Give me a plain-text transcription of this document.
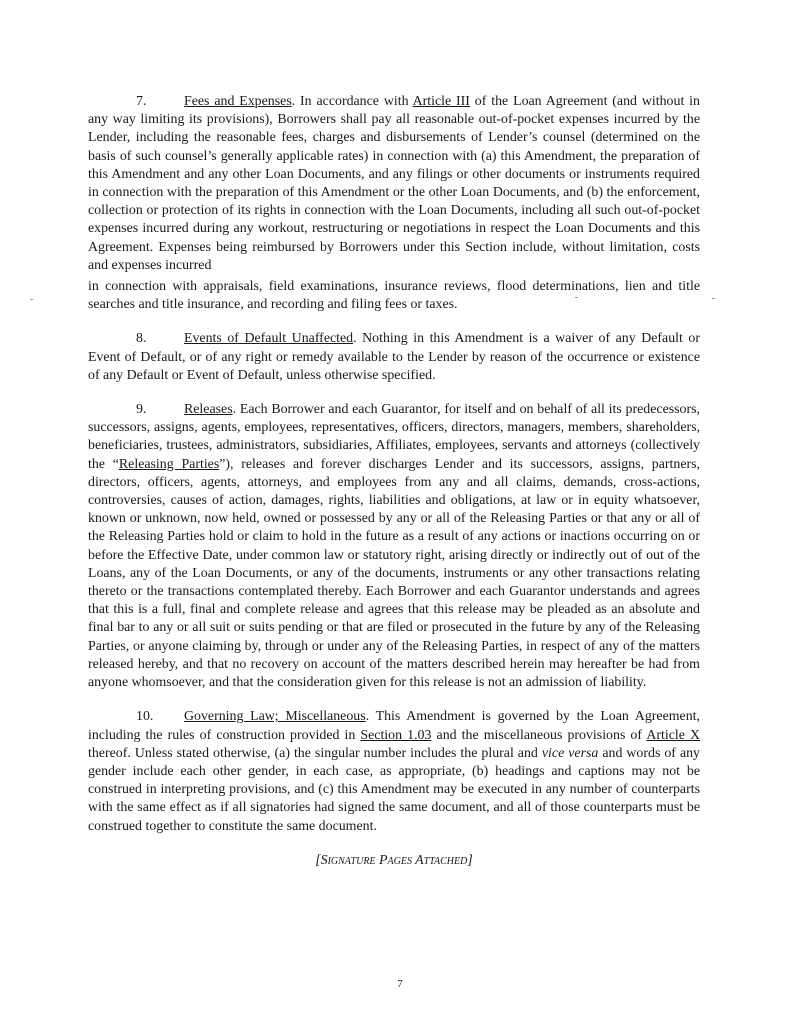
7.	Fees and Expenses. In accordance with Article III of the Loan Agreement (and without in any way limiting its provisions), Borrowers shall pay all reasonable out-of-pocket expenses incurred by the Lender, including the reasonable fees, charges and disbursements of Lender’s counsel (determined on the basis of such counsel’s generally applicable rates) in connection with (a) this Amendment, the preparation of this Amendment and any other Loan Documents, and any filings or other documents or instruments required in connection with the preparation of this Amendment or the other Loan Documents, and (b) the enforcement, collection or protection of its rights in connection with the Loan Documents, including all such out-of-pocket expenses incurred during any workout, restructuring or negotiations in respect the Loan Documents and this Agreement. Expenses being reimbursed by Borrowers under this Section include, without limitation, costs and expenses incurred

in connection with appraisals, field examinations, insurance reviews, flood determinations, lien and title searches and title insurance, and recording and filing fees or taxes.

8.	Events of Default Unaffected. Nothing in this Amendment is a waiver of any Default or Event of Default, or of any right or remedy available to the Lender by reason of the occurrence or existence of any Default or Event of Default, unless otherwise specified.

9.	Releases. Each Borrower and each Guarantor, for itself and on behalf of all its predecessors, successors, assigns, agents, employees, representatives, officers, directors, managers, members, shareholders, beneficiaries, trustees, administrators, subsidiaries, Affiliates, employees, servants and attorneys (collectively the “Releasing Parties”), releases and forever discharges Lender and its successors, assigns, partners, directors, officers, agents, attorneys, and employees from any and all claims, demands, cross-actions, controversies, causes of action, damages, rights, liabilities and obligations, at law or in equity whatsoever, known or unknown, now held, owned or possessed by any or all of the Releasing Parties or that any or all of the Releasing Parties hold or claim to hold in the future as a result of any actions or inactions occurring on or before the Effective Date, under common law or statutory right, arising directly or indirectly out of out of the Loans, any of the Loan Documents, or any of the documents, instruments or any other transactions relating thereto or the transactions contemplated thereby. Each Borrower and each Guarantor understands and agrees that this is a full, final and complete release and agrees that this release may be pleaded as an absolute and final bar to any or all suit or suits pending or that are filed or prosecuted in the future by any of the Releasing Parties, or anyone claiming by, through or under any of the Releasing Parties, in respect of any of the matters released hereby, and that no recovery on account of the matters described herein may hereafter be had from anyone whomsoever, and that the consideration given for this release is not an admission of liability.

10. Governing Law; Miscellaneous. This Amendment is governed by the Loan Agreement, including the rules of construction provided in Section 1.03 and the miscellaneous provisions of Article X thereof. Unless stated otherwise, (a) the singular number includes the plural and vice versa and words of any gender include each other gender, in each case, as appropriate, (b) headings and captions may not be construed in interpreting provisions, and (c) this Amendment may be executed in any number of counterparts with the same effect as if all signatories had signed the same document, and all of those counterparts must be construed together to constitute the same document.

[Signature Pages Attached]
7
